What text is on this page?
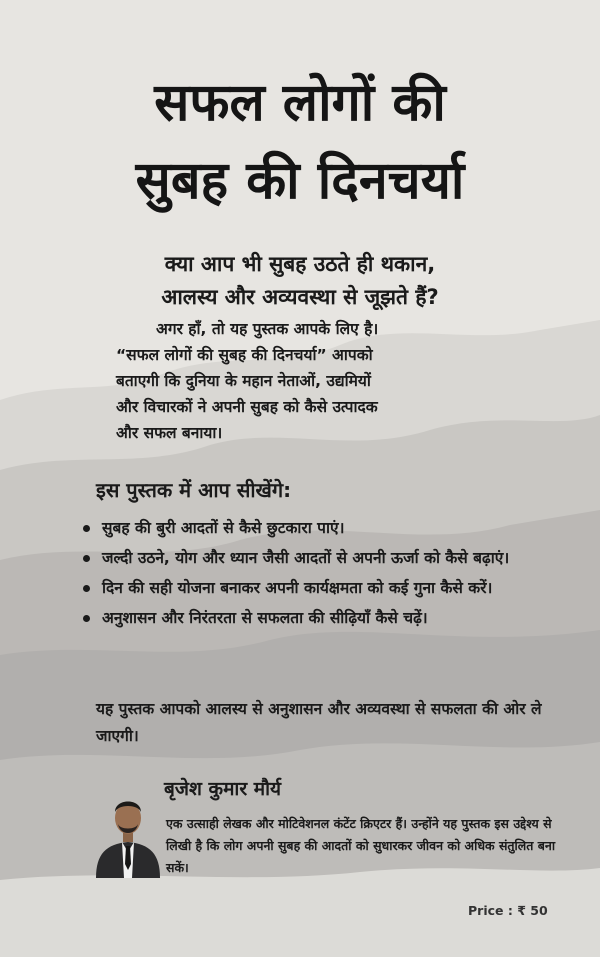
सफल लोगों की
सुबह की दिनचर्या

क्या आप भी सुबह उठते ही थकान,

आलस्य और अव्यवस्था से जूझते हैं?

अगर हाँ, तो यह पुस्तक आपके लिए है।
“सफल लोगों की सुबह की दिनचर्या” आपको
बताएगी कि दुनिया के महान नेताओं, उद्यमियों
और विचारकों ने अपनी सुबह को कैसे उत्पादक
और सफल बनाया।

इस पुस्तक में आप सीखेंगे:
सुबह की बुरी आदतों से कैसे छुटकारा पाएं।
जल्दी उठने, योग और ध्यान जैसी आदतों से अपनी ऊर्जा को कैसे बढ़ाएं।
दिन की सही योजना बनाकर अपनी कार्यक्षमता को कई गुना कैसे करें।
अनुशासन और निरंतरता से सफलता की सीढ़ियाँ कैसे चढ़ें।

यह पुस्तक आपको आलस्य से अनुशासन और अव्यवस्था से सफलता की ओर ले जाएगी।

बृजेश कुमार मौर्य

एक उत्साही लेखक और मोटिवेशनल कंटेंट क्रिएटर हैं। उन्होंने यह पुस्तक इस उद्देश्य से लिखी है कि लोग अपनी सुबह की आदतों को सुधारकर जीवन को अधिक संतुलित बना सकें।

Price : ₹ 50
